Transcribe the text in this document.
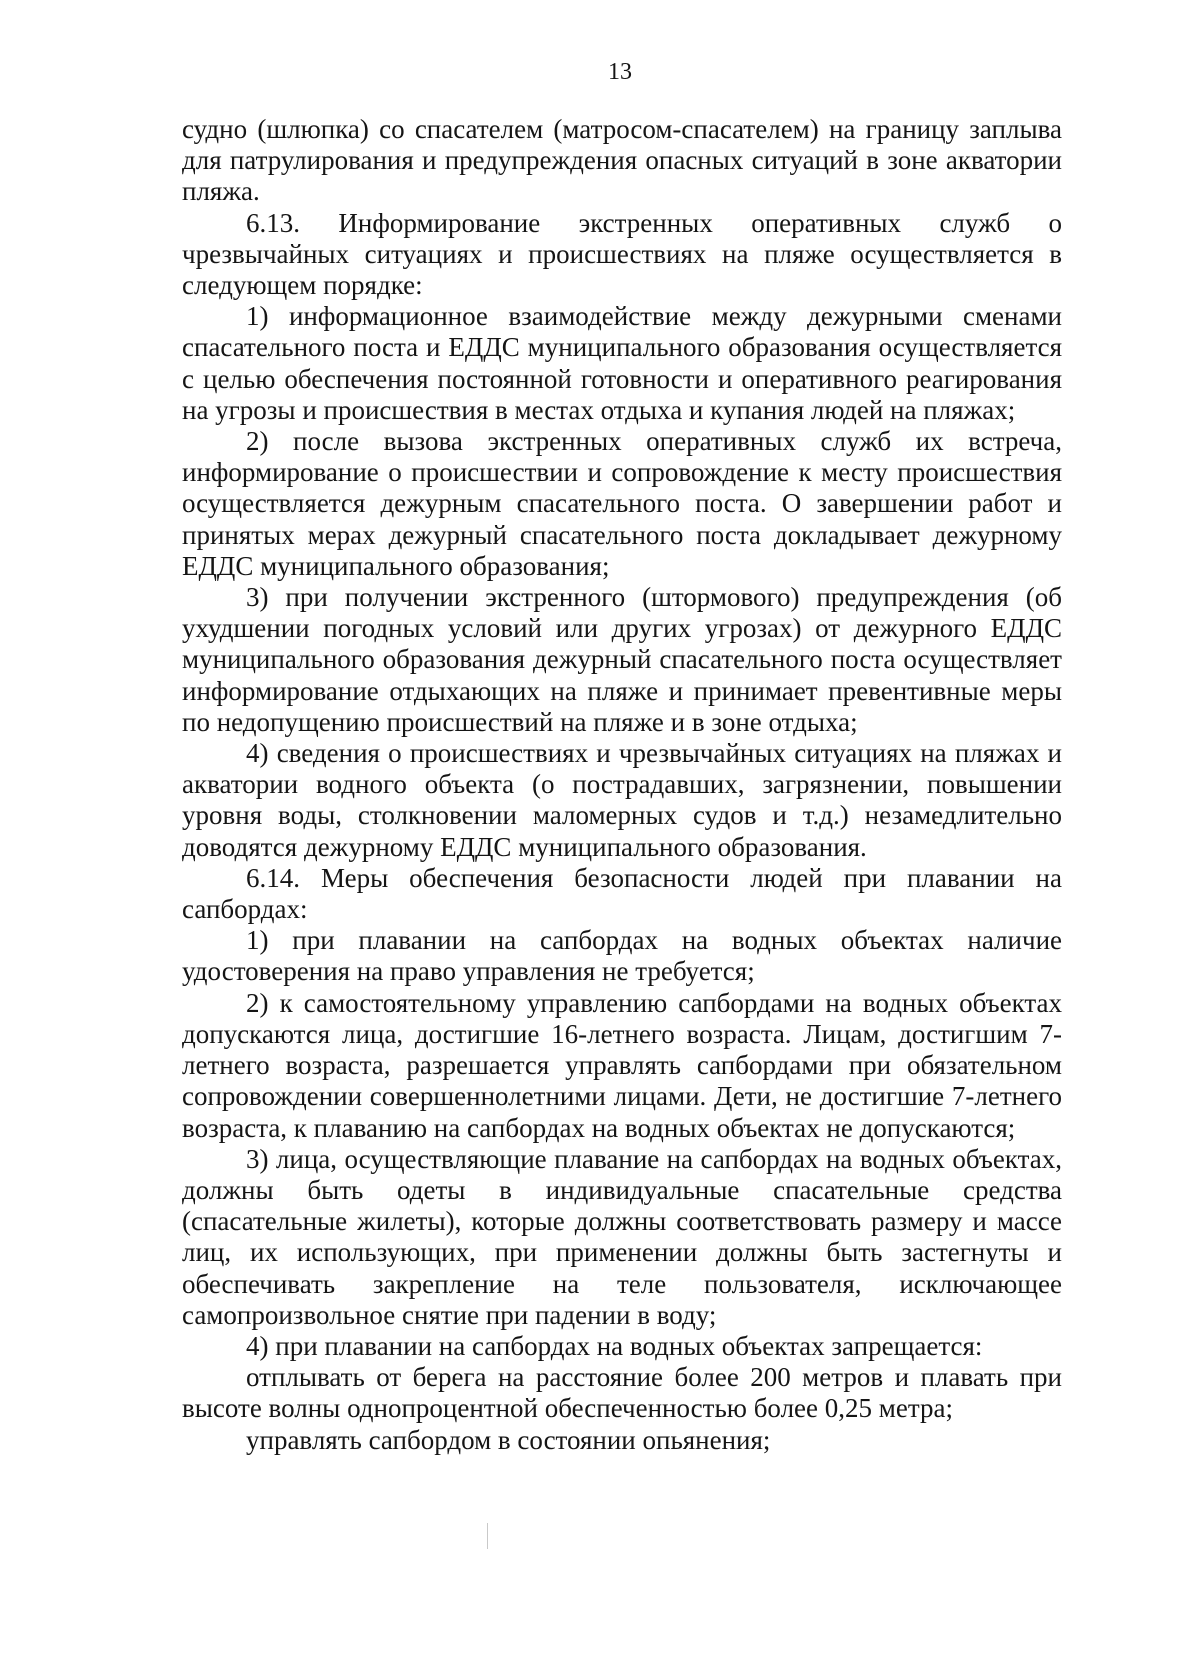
13

судно (шлюпка) со спасателем (матросом-спасателем) на границу заплыва для патрулирования и предупреждения опасных ситуаций в зоне акватории пляжа.

6.13. Информирование экстренных оперативных служб о чрезвычайных ситуациях и происшествиях на пляже осуществляется в следующем порядке:

1) информационное взаимодействие между дежурными сменами спасательного поста и ЕДДС муниципального образования осуществляется с целью обеспечения постоянной готовности и оперативного реагирования на угрозы и происшествия в местах отдыха и купания людей на пляжах;

2) после вызова экстренных оперативных служб их встреча, информирование о происшествии и сопровождение к месту происшествия осуществляется дежурным спасательного поста. О завершении работ и принятых мерах дежурный спасательного поста докладывает дежурному ЕДДС муниципального образования;

3) при получении экстренного (штормового) предупреждения (об ухудшении погодных условий или других угрозах) от дежурного ЕДДС муниципального образования дежурный спасательного поста осуществляет информирование отдыхающих на пляже и принимает превентивные меры по недопущению происшествий на пляже и в зоне отдыха;

4) сведения о происшествиях и чрезвычайных ситуациях на пляжах и акватории водного объекта (о пострадавших, загрязнении, повышении уровня воды, столкновении маломерных судов и т.д.) незамедлительно доводятся дежурному ЕДДС муниципального образования.

6.14. Меры обеспечения безопасности людей при плавании на сапбордах:

1) при плавании на сапбордах на водных объектах наличие удостоверения на право управления не требуется;

2) к самостоятельному управлению сапбордами на водных объектах допускаются лица, достигшие 16-летнего возраста. Лицам, достигшим 7-летнего возраста, разрешается управлять сапбордами при обязательном сопровождении совершеннолетними лицами. Дети, не достигшие 7-летнего возраста, к плаванию на сапбордах на водных объектах не допускаются;

3) лица, осуществляющие плавание на сапбордах на водных объектах, должны быть одеты в индивидуальные спасательные средства (спасательные жилеты), которые должны соответствовать размеру и массе лиц, их использующих, при применении должны быть застегнуты и обеспечивать закрепление на теле пользователя, исключающее самопроизвольное снятие при падении в воду;

4) при плавании на сапбордах на водных объектах запрещается:

отплывать от берега на расстояние более 200 метров и плавать при высоте волны однопроцентной обеспеченностью более 0,25 метра;

управлять сапбордом в состоянии опьянения;
